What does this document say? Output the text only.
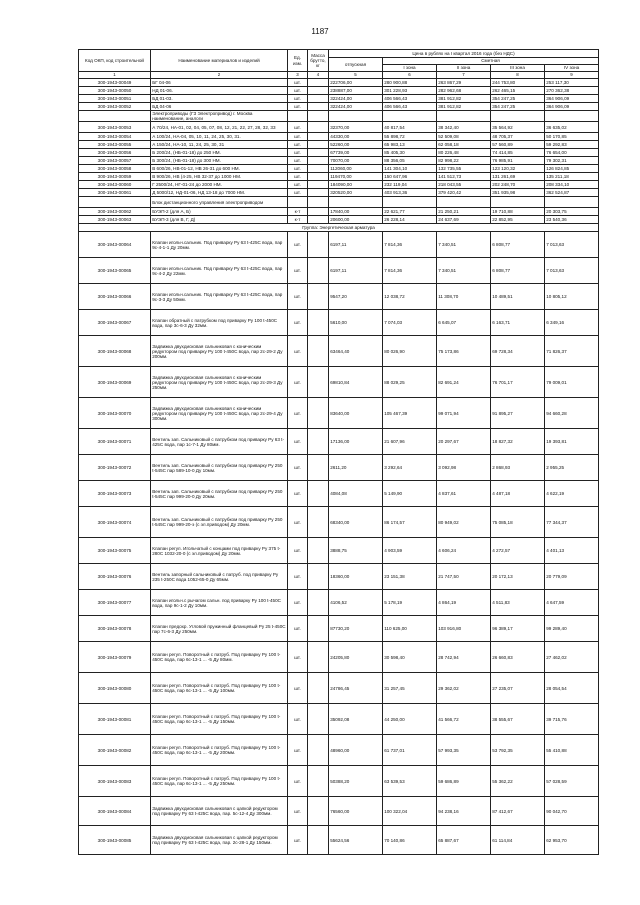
1187
Код ОКП, код строительной	Наименование материалов и изделий	Ед. изм.	Масса брутто, кг	Цена в рублях на I квартал 2016 года (без НДС)				
				отпускная	Сметная			
					I зона	II зона	III зона	IV зона
1	2	3	4	5	6	7	8	9
300-1943-00049	БГ 04-06	шт.		222706,00	280 900,88	263 867,29	244 753,80	253 117,30
300-1943-00050	НД 01-06.	шт.		238887,00	301 228,93	282 962,68	262 465,15	270 362,38
300-1943-00051	БД 01-03.	шт.		322424,00	406 566,43	381 912,82	354 247,25	364 906,09
300-1943-00052	БД 04-06	шт.		322424,00	406 566,43	381 912,82	354 247,25	364 906,09
	Электроприводы (ГЗ Электропривод) г. Москва наименование, аналоги							
300-1943-00053	А 70/24, НА-01, 02, 04, 05, 07, 08, 12, 21, 22, 27, 28, 32, 33	шт.		32370,00	40 817,54	38 342,40	35 564,92	36 635,02
300-1943-00054	А 100/24, НА-04, 05, 10, 11, 24, 25, 30, 31.	шт.		44330,00	55 898,72	52 509,08	48 705,37	50 170,85
300-1943-00055	А 150/24, НА-10, 11, 24, 25, 30, 31	шт.		52260,00	65 983,13	62 058,18	57 560,89	59 292,83
300-1943-00056	Б 200/24, (НБ-01-18) до 250 НМ.	шт.		67739,00	85 405,30	80 226,48	74 414,85	76 654,00
300-1943-00057	Б 300/24, (НБ-01-18) до 300 НМ.	шт.		70070,00	88 356,05	82 998,22	76 985,91	79 302,31
300-1943-00058	В 600/26, НВ-01-12, НВ 26-31 до 600 НМ.	шт.		112060,00	141 304,10	132 735,55	123 120,32	126 824,85
300-1943-00059	В 900/26, НВ (4-25, НВ 32-37 до 1000 НМ.	шт.		119470,00	150 647,96	141 512,73	131 261,69	135 211,18
300-1943-00060	Г 2500/24, НГ-01-24 до 2000 НМ.	шт.		184090,00	232 119,04	218 043,55	202 248,70	208 334,10
300-1943-00061	Д 5000/12, НД-01-06, НД 13-18 до 7000 НМ.	шт.		320520,00	403 913,36	379 420,42	351 935,98	362 524,87
	Блок дистанционного управления электроприводом							
300-1943-00062	БУЭП-2 (для А, Б)	к-т		17840,00	22 621,77	21 250,21	19 710,88	20 303,75
300-1943-00063	БУЭП-3 (для В, Г, Д)	к-т		20600,00	26 228,14	24 637,69	22 852,95	23 540,36
Группа: Энергетическая арматура								
300-1943-00064	Клапан игольч.сальник. Под приварку Ру 63 t-425С вода, пар 9с-4-1-1 Ду 20мм.	шт.		6197,11	7 814,36	7 340,51	6 808,77	7 013,63
300-1943-00065	Клапан игольч.сальник. Под приварку Ру 63 t-425С вода, пар 9с-4-2 Ду 22мм.	шт.		6197,11	7 814,36	7 340,51	6 808,77	7 013,63
300-1943-00066	Клапан игольч.сальник. Под приварку Ру 63 t-425С вода, пар 9с-3-3 Ду 50мм.	шт.		9547,20	12 038,72	11 308,70	10 489,51	10 805,12
300-1943-00067	Клапан обратный с патрубком под приварку Ру 100 t-450С вода, пар 3с-6-3 Ду 32мм.	шт.		5610,00	7 074,03	6 645,07	6 163,71	6 349,16
300-1943-00068	Задвижка двухдисковая сальниковая с коническим редуктором под приварку Ру 100 t-450С вода, пар 2с-29-2 Ду 200мм.	шт.		63464,40	80 026,90	75 173,86	69 728,34	71 826,37
300-1943-00069	Задвижка двухдисковая сальниковая с коническим редуктором под приварку Ру 100 t-450С вода, пар 2с-29-3 Ду 250мм.	шт.		69810,84	88 029,25	82 691,24	76 701,17	79 009,01
300-1943-00070	Задвижка двухдисковая сальниковая с коническим редуктором под приварку Ру 100 t-450С вода, пар 2с-29-4 Ду 300мм.	шт.		83640,00	105 467,39	99 071,94	91 895,27	94 660,28
300-1943-00071	Вентиль зап. Сальниковый с патрубком под приварку Ру 63 t-425С вода, пар 1с-7-1 Ду 80мм.	шт.		17136,00	21 607,96	20 297,67	18 827,32	19 393,81
300-1943-00072	Вентиль зап. Сальниковый с патрубком под приварку Ру 250 t-545С пар 589-10-0 Ду 10мм.	шт.		2611,20	3 292,64	3 092,98	2 868,93	2 955,25
300-1943-00073	Вентиль зап. Сальниковый с патрубком под приварку Ру 250 t-545С пар 999-20-0 Ду 20мм.	шт.		4084,08	5 149,90	4 837,61	4 487,18	4 622,19
300-1943-00074	Вентиль зап. Сальниковый с патрубком под приварку Ру 250 t-545С пар 999-20-э (с эл.приводом) Ду 20мм.	шт.		68340,00	86 174,57	80 949,02	75 085,18	77 344,37
300-1943-00075	Клапан регул. Игольчатый с концами под приварку Ру 375 t-280С 1032-20-0 (с эл.приводом) Ду 20мм.	шт.		3888,75	4 903,59	4 606,24	4 272,57	4 401,13
300-1943-00076	Вентиль запорный сальниковый с патруб. под приварку Ру 235 t-250С вода 1052-65-0 Ду 65мм.	шт.		18360,00	23 151,38	21 747,50	20 172,13	20 779,09
300-1943-00077	Клапан игольч.с рычагом сальн. под приварку Ру 100 t-450С вода, пар 9с-1-2 Ду 10мм.	шт.		4106,52	5 178,19	4 864,19	4 511,83	4 647,59
300-1943-00078	Клапан предохр. Угловой пружинный фланцевый Ру 25 t-450С пар 7с-6-3 Ду 250мм.	шт.		87730,20	110 625,00	103 916,80	96 389,17	99 289,40
300-1943-00079	Клапан регул. Поворотный с патруб. Под приварку Ру 100 t-450С вода, пар 6с-13-1 ... -5 Ду 80мм.	шт.		24205,80	30 598,40	28 742,94	26 660,83	27 462,02
300-1943-00080	Клапан регул. Поворотный с патруб. Под приварку Ру 100 t-450С вода, пар 6с-13-1 ... -5 Ду 100мм.	шт.		24786,45	31 257,45	29 362,02	27 235,07	28 054,54
300-1943-00081	Клапан регул. Поворотный с патруб. Под приварку Ру 100 t-450С вода, пар 6с-13-1 ... -5 Ду 150мм.	шт.		35092,08	44 250,00	41 566,72	38 555,67	39 715,76
300-1943-00082	Клапан регул. Поворотный с патруб. Под приварку Ру 100 t-450С вода, пар 6с-13-1 ... -5 Ду 200мм.	шт.		48960,00	61 737,01	57 993,35	53 792,35	55 410,88
300-1943-00083	Клапан регул. Поворотный с патруб. Под приварку Ру 100 t-450С вода, пар 6с-13-1 ... -5 Ду 250мм.	шт.		50388,20	63 539,53	59 686,89	55 362,22	57 028,59
300-1943-00084	Задвижка двухдисковая сальниковая с цапкой редуктором под приварку Ру 63 t-425С вода, пар. 5с-12-4 Ду 300мм.	шт.		76560,00	100 322,04	94 238,16	87 412,67	90 042,70
300-1943-00085	Задвижка двухдисковая сальниковая с цапкой редуктором под приварку Ру 63 t-425С вода, пар. 2с-28-1 Ду 150мм.	шт.		55624,56	70 140,86	65 887,67	61 114,84	62 953,70
